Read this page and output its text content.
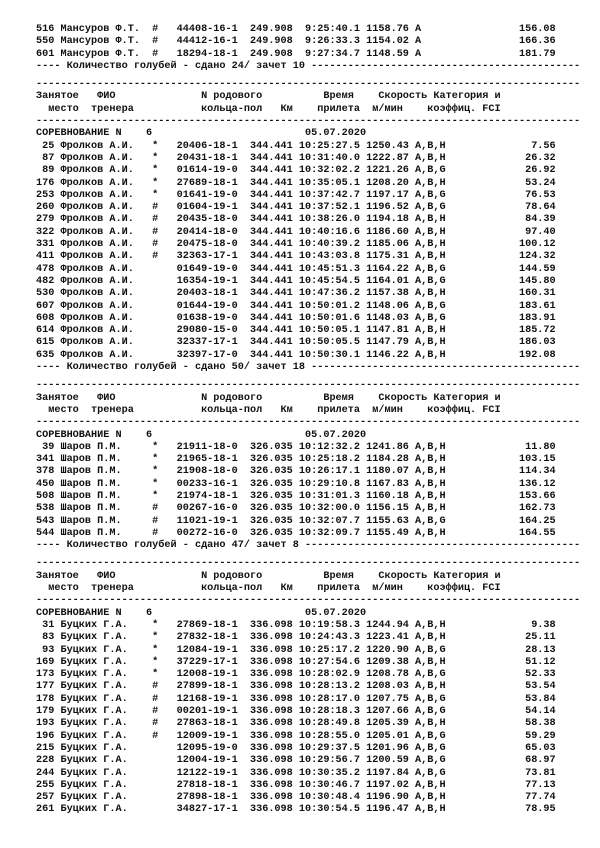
516 Мансуров Ф.Т.  #   44408-16-1  249.908  9:25:40.1 1158.76 A                156.08
550 Мансуров Ф.Т.  #   44412-16-1  249.908  9:26:33.3 1154.02 A                166.36
601 Мансуров Ф.Т.  #   18294-18-1  249.908  9:27:34.7 1148.59 A                181.79
---- Количество голубей - сдано 24/ зачет 10 --------------------------------------------
-----------------------------------------------------------------------------------------
Занятое   ФИО              N родового          Время    Скорость Категория и
место  тренера           кольца-пол   Км    прилета  м/мин    коэффиц. FCI
-----------------------------------------------------------------------------------------
СОРЕВНОВАНИЕ N    6                         05.07.2020
25 Фролков А.И.   *   20406-18-1  344.441 10:25:27.5 1250.43 A,B,H              7.56
87 Фролков А.И.   *   20431-18-1  344.441 10:31:40.0 1222.87 A,B,H             26.32
89 Фролков А.И.   *   01614-19-0  344.441 10:32:02.2 1221.26 A,B,G             26.92
176 Фролков А.И.   *   27689-18-1  344.441 10:35:05.1 1208.20 A,B,H             53.24
253 Фролков А.И.   *   01641-19-0  344.441 10:37:42.7 1197.17 A,B,G             76.53
260 Фролков А.И.   #   01604-19-1  344.441 10:37:52.1 1196.52 A,B,G             78.64
279 Фролков А.И.   #   20435-18-0  344.441 10:38:26.0 1194.18 A,B,H             84.39
322 Фролков А.И.   #   20414-18-0  344.441 10:40:16.6 1186.60 A,B,H             97.40
331 Фролков А.И.   #   20475-18-0  344.441 10:40:39.2 1185.06 A,B,H            100.12
411 Фролков А.И.   #   32363-17-1  344.441 10:43:03.8 1175.31 A,B,H            124.32
478 Фролков А.И.       01649-19-0  344.441 10:45:51.3 1164.22 A,B,G            144.59
482 Фролков А.И.       16354-19-1  344.441 10:45:54.5 1164.01 A,B,G            145.80
530 Фролков А.И.       20403-18-1  344.441 10:47:36.2 1157.38 A,B,H            160.31
607 Фролков А.И.       01644-19-0  344.441 10:50:01.2 1148.06 A,B,G            183.61
608 Фролков А.И.       01638-19-0  344.441 10:50:01.6 1148.03 A,B,G            183.91
614 Фролков А.И.       29080-15-0  344.441 10:50:05.1 1147.81 A,B,H            185.72
615 Фролков А.И.       32337-17-1  344.441 10:50:05.5 1147.79 A,B,H            186.03
635 Фролков А.И.       32397-17-0  344.441 10:50:30.1 1146.22 A,B,H            192.08
---- Количество голубей - сдано 50/ зачет 18 --------------------------------------------
-----------------------------------------------------------------------------------------
Занятое   ФИО              N родового          Время    Скорость Категория и
место  тренера           кольца-пол   Км    прилета  м/мин    коэффиц. FCI
-----------------------------------------------------------------------------------------
СОРЕВНОВАНИЕ N    6                         05.07.2020
39 Шаров П.М.     *   21911-18-0  326.035 10:12:32.2 1241.86 A,B,H             11.80
341 Шаров П.М.     *   21965-18-1  326.035 10:25:18.2 1184.28 A,B,H            103.15
378 Шаров П.М.     *   21908-18-0  326.035 10:26:17.1 1180.07 A,B,H            114.34
450 Шаров П.М.     *   00233-16-1  326.035 10:29:10.8 1167.83 A,B,H            136.12
508 Шаров П.М.     *   21974-18-1  326.035 10:31:01.3 1160.18 A,B,H            153.66
538 Шаров П.М.     #   00267-16-0  326.035 10:32:00.0 1156.15 A,B,H            162.73
543 Шаров П.М.     #   11021-19-1  326.035 10:32:07.7 1155.63 A,B,G            164.25
544 Шаров П.М.     #   00272-16-0  326.035 10:32:09.7 1155.49 A,B,H            164.55
---- Количество голубей - сдано 47/ зачет 8 ---------------------------------------------
-----------------------------------------------------------------------------------------
Занятое   ФИО              N родового          Время    Скорость Категория и
место  тренера           кольца-пол   Км    прилета  м/мин    коэффиц. FCI
-----------------------------------------------------------------------------------------
СОРЕВНОВАНИЕ N    6                         05.07.2020
31 Буцких Г.А.    *   27869-18-1  336.098 10:19:58.3 1244.94 A,B,H              9.38
83 Буцких Г.А.    *   27832-18-1  336.098 10:24:43.3 1223.41 A,B,H             25.11
93 Буцких Г.А.    *   12084-19-1  336.098 10:25:17.2 1220.90 A,B,G             28.13
169 Буцких Г.А.    *   37229-17-1  336.098 10:27:54.6 1209.38 A,B,H             51.12
173 Буцких Г.А.    *   12008-19-1  336.098 10:28:02.9 1208.78 A,B,G             52.33
177 Буцких Г.А.    #   27899-18-1  336.098 10:28:13.2 1208.03 A,B,H             53.54
178 Буцких Г.А.    #   12168-19-1  336.098 10:28:17.0 1207.75 A,B,G             53.84
179 Буцких Г.А.    #   00201-19-1  336.098 10:28:18.3 1207.66 A,B,G             54.14
193 Буцких Г.А.    #   27863-18-1  336.098 10:28:49.8 1205.39 A,B,H             58.38
196 Буцких Г.А.    #   12009-19-1  336.098 10:28:55.0 1205.01 A,B,G             59.29
215 Буцких Г.А.        12095-19-0  336.098 10:29:37.5 1201.96 A,B,G             65.03
228 Буцких Г.А.        12004-19-1  336.098 10:29:56.7 1200.59 A,B,G             68.97
244 Буцких Г.А.        12122-19-1  336.098 10:30:35.2 1197.84 A,B,G             73.81
255 Буцких Г.А.        27818-18-1  336.098 10:30:46.7 1197.02 A,B,H             77.13
257 Буцких Г.А.        27898-18-1  336.098 10:30:48.4 1196.90 A,B,H             77.74
261 Буцких Г.А.        34827-17-1  336.098 10:30:54.5 1196.47 A,B,H             78.95
